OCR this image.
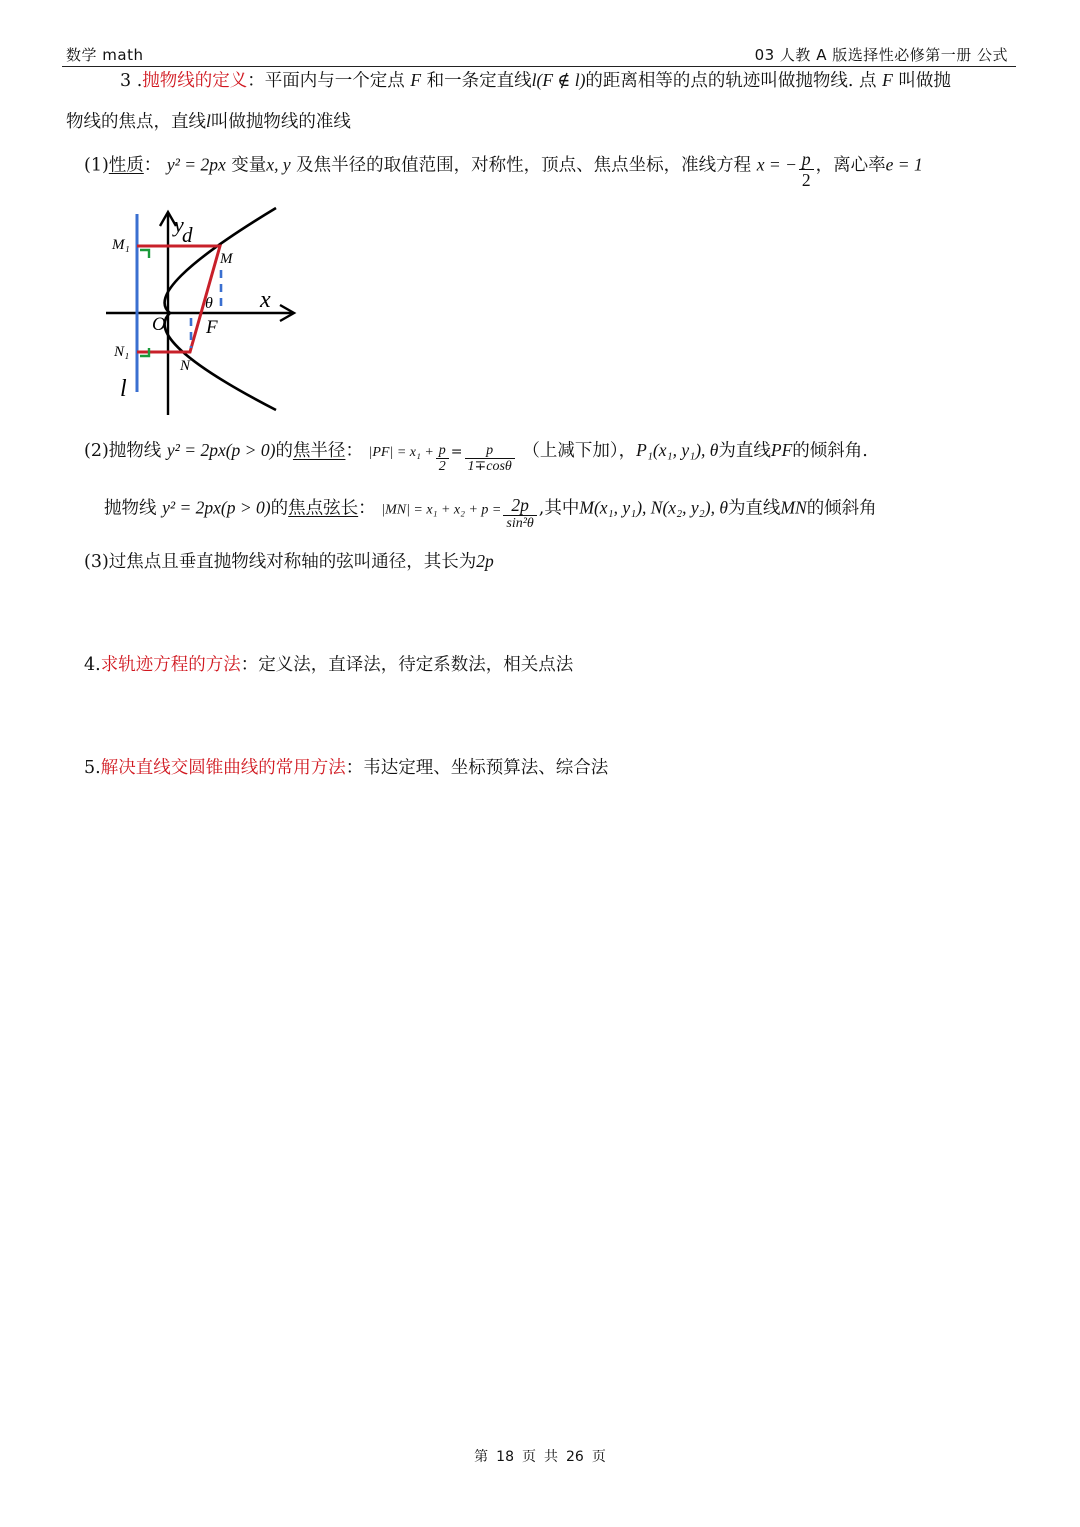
数学 math	03 人教 A 版选择性必修第一册 公式
3 .抛物线的定义：平面内与一个定点 F 和一条定直线l(F ∉ l)的距离相等的点的轨迹叫做抛物线. 点 F 叫做抛
物线的焦点，直线l叫做抛物线的准线
(1)性质： y² = 2px 变量x, y 及焦半径的取值范围，对称性，顶点、焦点坐标，准线方程 x = − $\frac{p}{2}$ ，离心率e = 1
y
d
x
M₁
M
θ
O F
N₁
N
l
(2)抛物线 y² = 2px(p > 0)的焦半径： $|PF| = x_1 + \frac{p}{2} = \frac{p}{1\mp\cos\theta}$ （上减下加），P₁(x₁, y₁), θ为直线PF的倾斜角.
抛物线 y² = 2px(p > 0)的焦点弦长： $|MN| = x_1 + x_2 + p = \frac{2p}{\text{sin²θ}}$ ,其中M(x₁, y₁), N(x₂, y₂), θ为直线MN的倾斜角
(3)过焦点且垂直抛物线对称轴的弦叫通径，其长为2p
4.求轨迹方程的方法：定义法，直译法，待定系数法，相关点法
5.解决直线交圆锥曲线的常用方法：韦达定理、坐标预算法、综合法
第 18 页 共 26 页
